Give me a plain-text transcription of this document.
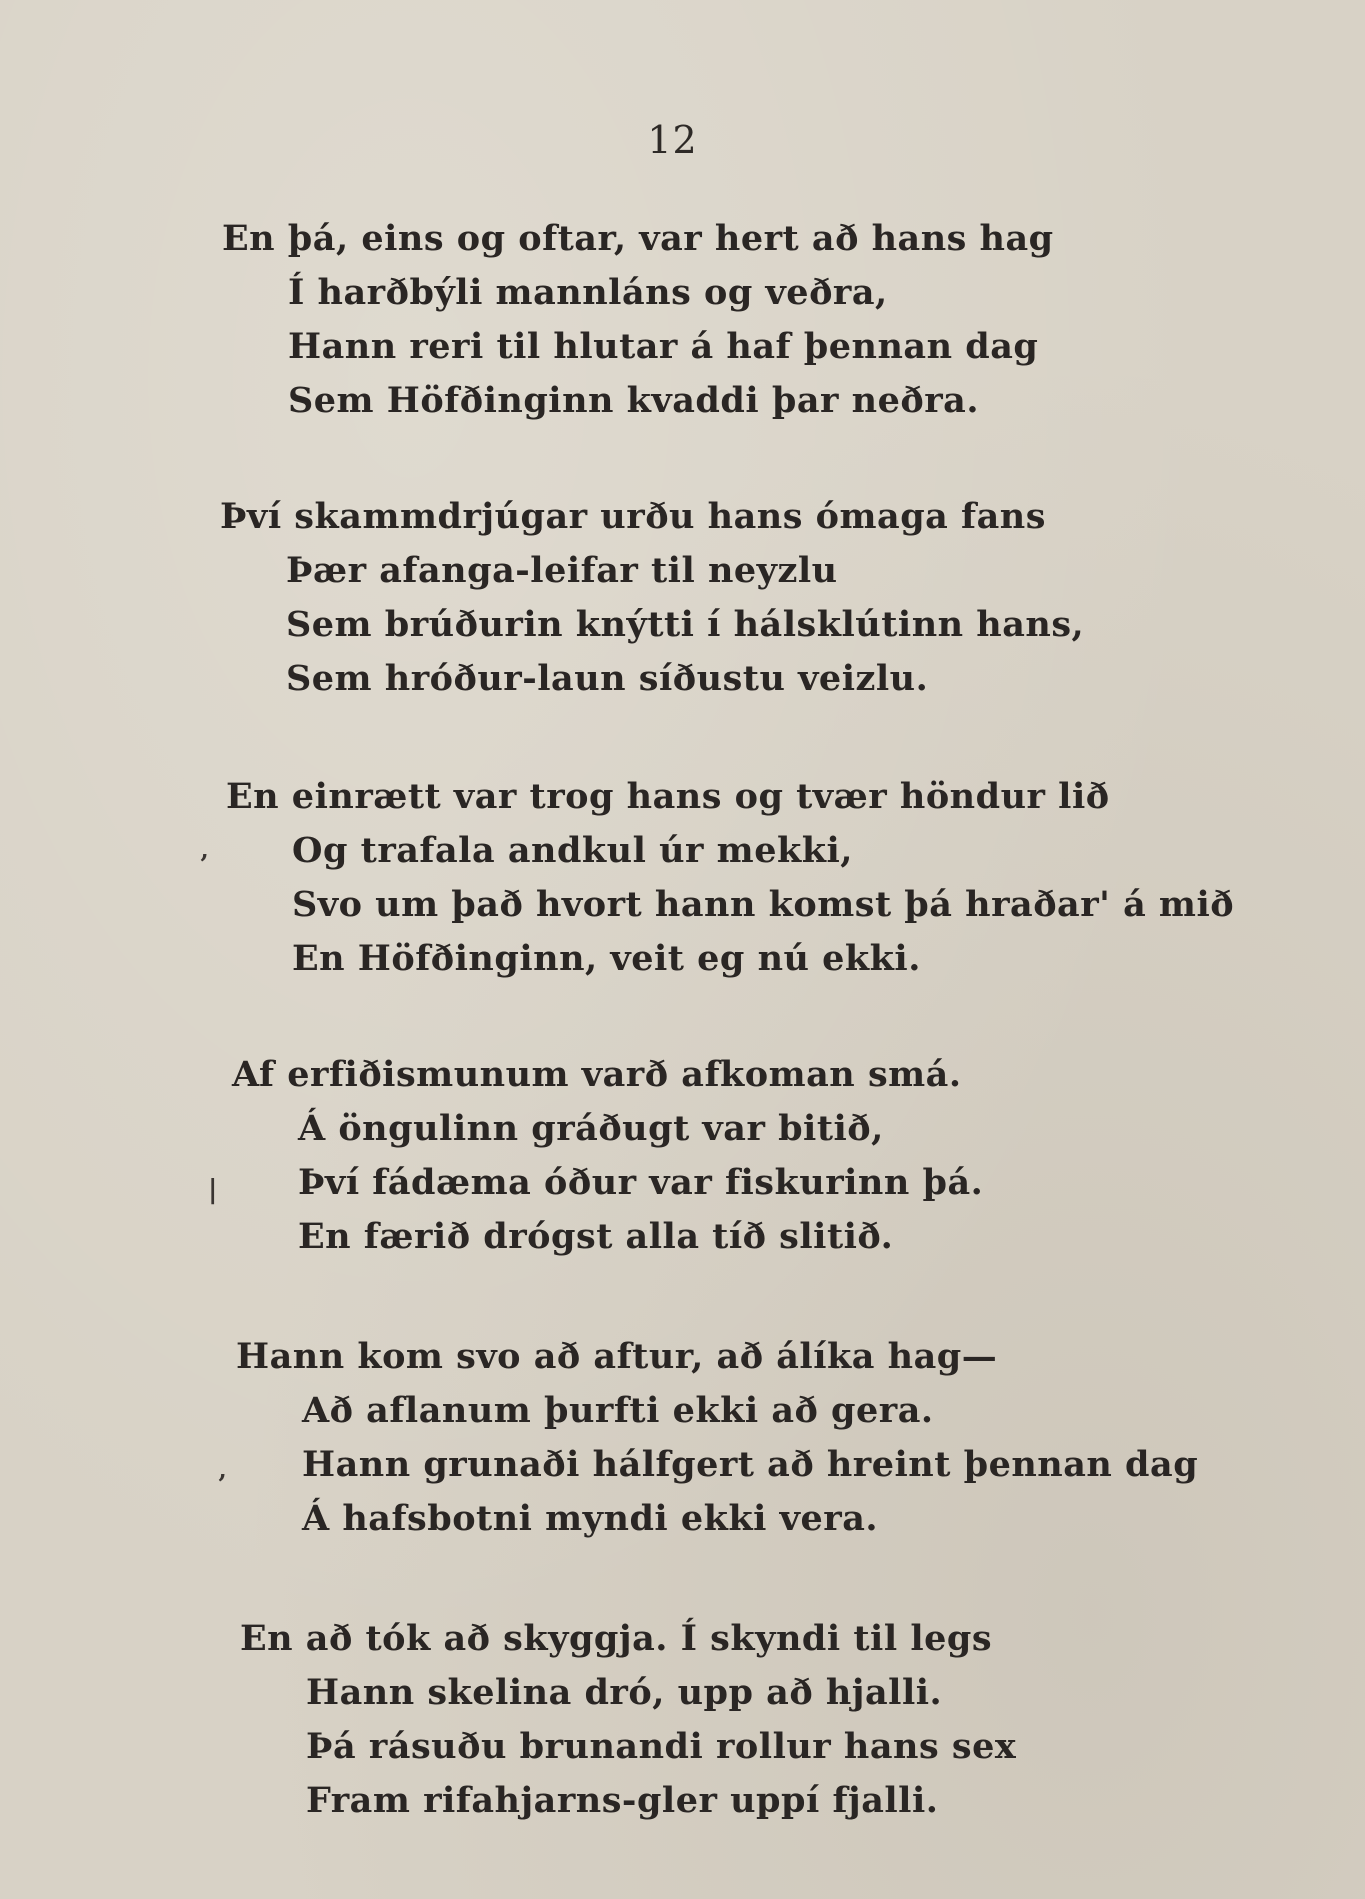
12
En þá, eins og oftar, var hert að hans hag
Í harðbýli mannláns og veðra,
Hann reri til hlutar á haf þennan dag
Sem Höfðinginn kvaddi þar neðra.
Því skammdrjúgar urðu hans ómaga fans
Þær afanga-leifar til neyzlu
Sem brúðurin knýtti í hálsklútinn hans,
Sem hróður-laun síðustu veizlu.
En einrætt var trog hans og tvær höndur lið
Og trafala andkul úr mekki,
Svo um það hvort hann komst þá hraðar' á mið
En Höfðinginn, veit eg nú ekki.
Af erfiðismunum varð afkoman smá.
Á öngulinn gráðugt var bitið,
Því fádæma óður var fiskurinn þá.
En færið drógst alla tíð slitið.
Hann kom svo að aftur, að álíka hag—
Að aflanum þurfti ekki að gera.
Hann grunaði hálfgert að hreint þennan dag
Á hafsbotni myndi ekki vera.
En að tók að skyggja. Í skyndi til legs
Hann skelina dró, upp að hjalli.
Þá rásuðu brunandi rollur hans sex
Fram rifahjarns-gler uppí fjalli.
‚
|
‚
